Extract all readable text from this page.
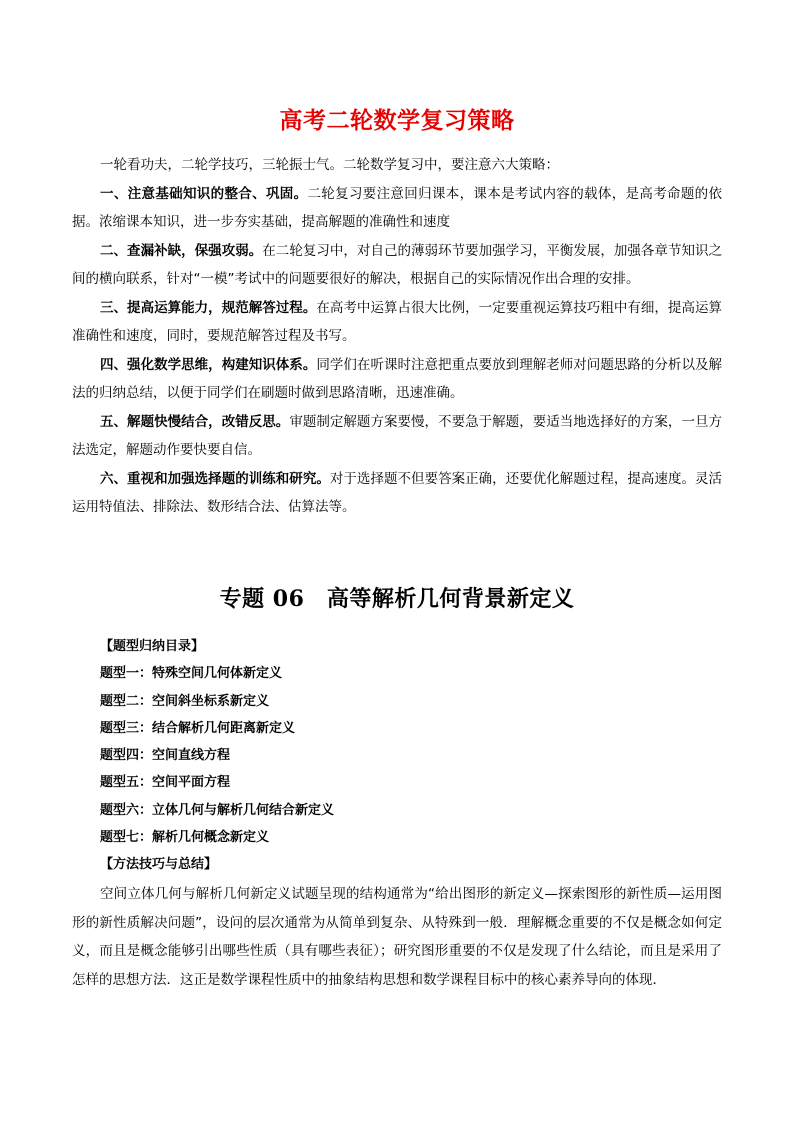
高考二轮数学复习策略

一轮看功夫，二轮学技巧，三轮振士气。二轮数学复习中，要注意六大策略：

一、注意基础知识的整合、巩固。二轮复习要注意回归课本，课本是考试内容的载体，是高考命题的依据。浓缩课本知识，进一步夯实基础，提高解题的准确性和速度

二、查漏补缺，保强攻弱。在二轮复习中，对自己的薄弱环节要加强学习，平衡发展，加强各章节知识之间的横向联系，针对“一模”考试中的问题要很好的解决，根据自己的实际情况作出合理的安排。

三、提高运算能力，规范解答过程。在高考中运算占很大比例，一定要重视运算技巧粗中有细，提高运算准确性和速度，同时，要规范解答过程及书写。

四、强化数学思维，构建知识体系。同学们在听课时注意把重点要放到理解老师对问题思路的分析以及解法的归纳总结，以便于同学们在刷题时做到思路清晰，迅速准确。

五、解题快慢结合，改错反思。审题制定解题方案要慢，不要急于解题，要适当地选择好的方案，一旦方法选定，解题动作要快要自信。

六、重视和加强选择题的训练和研究。对于选择题不但要答案正确，还要优化解题过程，提高速度。灵活运用特值法、排除法、数形结合法、估算法等。

专题 06　高等解析几何背景新定义
【题型归纳目录】
题型一：特殊空间几何体新定义
题型二：空间斜坐标系新定义
题型三：结合解析几何距离新定义
题型四：空间直线方程
题型五：空间平面方程
题型六：立体几何与解析几何结合新定义
题型七：解析几何概念新定义
【方法技巧与总结】

空间立体几何与解析几何新定义试题呈现的结构通常为“给出图形的新定义—探索图形的新性质—运用图形的新性质解决问题”，设问的层次通常为从简单到复杂、从特殊到一般．理解概念重要的不仅是概念如何定义，而且是概念能够引出哪些性质（具有哪些表征）；研究图形重要的不仅是发现了什么结论，而且是采用了怎样的思想方法．这正是数学课程性质中的抽象结构思想和数学课程目标中的核心素养导向的体现．
